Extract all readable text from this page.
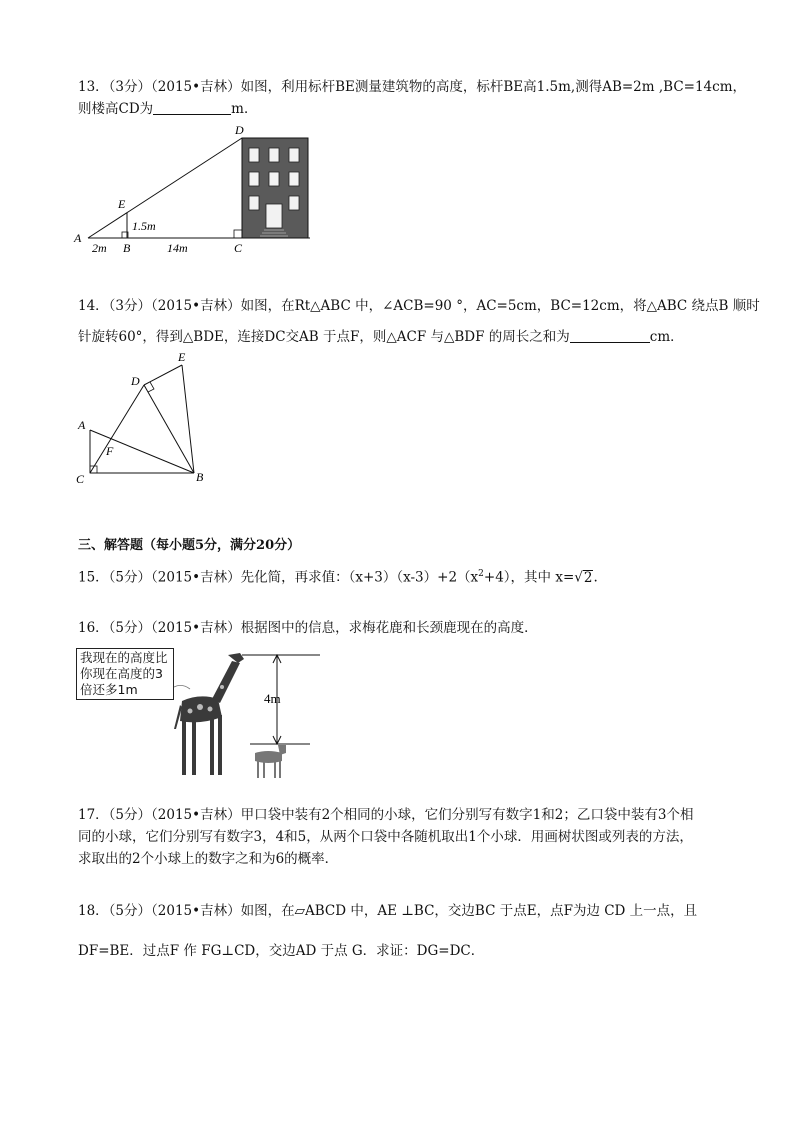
13．（3分）（2015•吉林）如图，利用标杆BE测量建筑物的高度，标杆BE高1.5m,测得AB=2m ,BC=14cm，
则楼高CD为	m．
A
B	C
D
E
1.5m
2m	14m
14．（3分）（2015•吉林）如图，在Rt△ABC 中，∠ACB=90 °，AC=5cm，BC=12cm，将△ABC 绕点B 顺时
针旋转60°，得到△BDE，连接DC交AB 于点F，则△ACF 与△BDF 的周长之和为	cm．
A
B
C
D
E
F
三、解答题（每小题5分，满分20分）
15．（5分）（2015•吉林）先化简，再求值：$(x+3)(x-3)+2(x^2+4)$，其中 x=√2.
16．（5分）（2015•吉林）根据图中的信息，求梅花鹿和长颈鹿现在的高度．
我现在的高度比你现在高度的3倍还多1m
4m
17．（5分）（2015•吉林）甲口袋中装有2个相同的小球，它们分别写有数字1和2；乙口袋中装有3个相
同的小球，它们分别写有数字3，4和5，从两个口袋中各随机取出1个小球．用画树状图或列表的方法，
求取出的2个小球上的数字之和为6的概率．
18．（5分）（2015•吉林）如图，在▱ABCD 中，AE ⊥BC，交边BC 于点E，点F为边 CD 上一点，且
DF=BE．过点F 作 FG⊥CD，交边AD 于点 G．求证：DG=DC．
